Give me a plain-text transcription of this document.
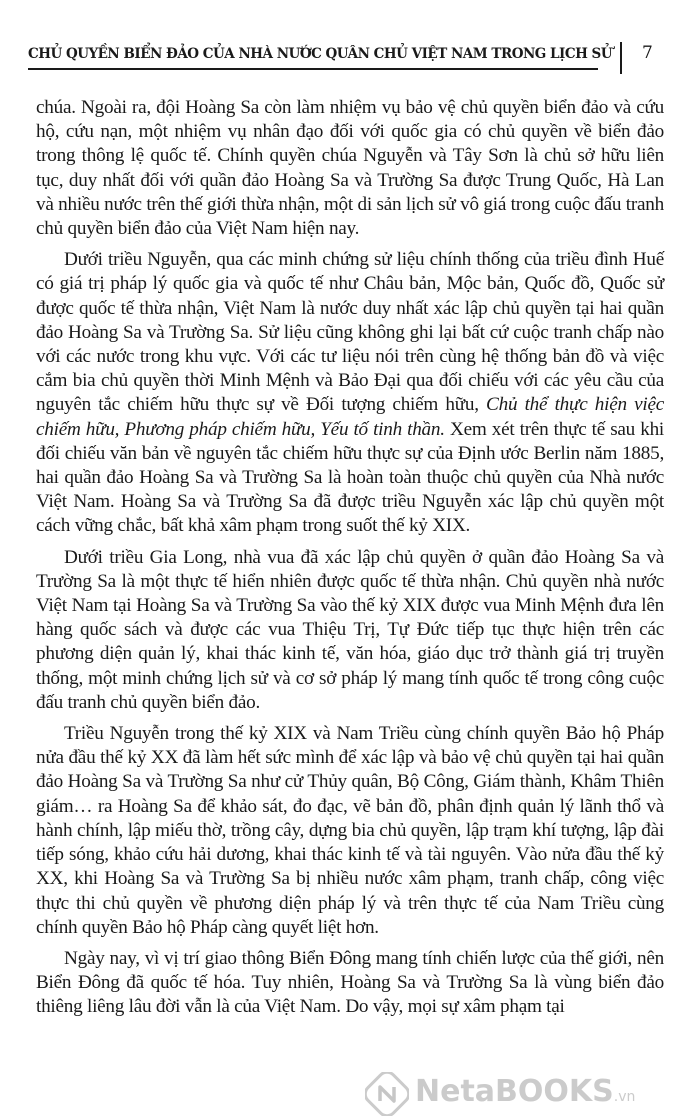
CHỦ QUYỀN BIỂN ĐẢO CỦA NHÀ NƯỚC QUÂN CHỦ VIỆT NAM TRONG LỊCH SỬ 7

chúa. Ngoài ra, đội Hoàng Sa còn làm nhiệm vụ bảo vệ chủ quyền biển đảo và cứu hộ, cứu nạn, một nhiệm vụ nhân đạo đối với quốc gia có chủ quyền về biển đảo trong thông lệ quốc tế. Chính quyền chúa Nguyễn và Tây Sơn là chủ sở hữu liên tục, duy nhất đối với quần đảo Hoàng Sa và Trường Sa được Trung Quốc, Hà Lan và nhiều nước trên thế giới thừa nhận, một di sản lịch sử vô giá trong cuộc đấu tranh chủ quyền biển đảo của Việt Nam hiện nay.

Dưới triều Nguyễn, qua các minh chứng sử liệu chính thống của triều đình Huế có giá trị pháp lý quốc gia và quốc tế như Châu bản, Mộc bản, Quốc đồ, Quốc sử được quốc tế thừa nhận, Việt Nam là nước duy nhất xác lập chủ quyền tại hai quần đảo Hoàng Sa và Trường Sa. Sử liệu cũng không ghi lại bất cứ cuộc tranh chấp nào với các nước trong khu vực. Với các tư liệu nói trên cùng hệ thống bản đồ và việc cắm bia chủ quyền thời Minh Mệnh và Bảo Đại qua đối chiếu với các yêu cầu của nguyên tắc chiếm hữu thực sự về Đối tượng chiếm hữu, Chủ thể thực hiện việc chiếm hữu, Phương pháp chiếm hữu, Yếu tố tinh thần. Xem xét trên thực tế sau khi đối chiếu văn bản về nguyên tắc chiếm hữu thực sự của Định ước Berlin năm 1885, hai quần đảo Hoàng Sa và Trường Sa là hoàn toàn thuộc chủ quyền của Nhà nước Việt Nam. Hoàng Sa và Trường Sa đã được triều Nguyễn xác lập chủ quyền một cách vững chắc, bất khả xâm phạm trong suốt thế kỷ XIX.

Dưới triều Gia Long, nhà vua đã xác lập chủ quyền ở quần đảo Hoàng Sa và Trường Sa là một thực tế hiển nhiên được quốc tế thừa nhận. Chủ quyền nhà nước Việt Nam tại Hoàng Sa và Trường Sa vào thế kỷ XIX được vua Minh Mệnh đưa lên hàng quốc sách và được các vua Thiệu Trị, Tự Đức tiếp tục thực hiện trên các phương diện quản lý, khai thác kinh tế, văn hóa, giáo dục trở thành giá trị truyền thống, một minh chứng lịch sử và cơ sở pháp lý mang tính quốc tế trong công cuộc đấu tranh chủ quyền biển đảo.

Triều Nguyễn trong thế kỷ XIX và Nam Triều cùng chính quyền Bảo hộ Pháp nửa đầu thế kỷ XX đã làm hết sức mình để xác lập và bảo vệ chủ quyền tại hai quần đảo Hoàng Sa và Trường Sa như cử Thủy quân, Bộ Công, Giám thành, Khâm Thiên giám… ra Hoàng Sa để khảo sát, đo đạc, vẽ bản đồ, phân định quản lý lãnh thổ và hành chính, lập miếu thờ, trồng cây, dựng bia chủ quyền, lập trạm khí tượng, lập đài tiếp sóng, khảo cứu hải dương, khai thác kinh tế và tài nguyên. Vào nửa đầu thế kỷ XX, khi Hoàng Sa và Trường Sa bị nhiều nước xâm phạm, tranh chấp, công việc thực thi chủ quyền về phương diện pháp lý và trên thực tế của Nam Triều cùng chính quyền Bảo hộ Pháp càng quyết liệt hơn.

Ngày nay, vì vị trí giao thông Biển Đông mang tính chiến lược của thế giới, nên Biển Đông đã quốc tế hóa. Tuy nhiên, Hoàng Sa và Trường Sa là vùng biển đảo thiêng liêng lâu đời vẫn là của Việt Nam. Do vậy, mọi sự xâm phạm tại

NetaBOOKS.vn
